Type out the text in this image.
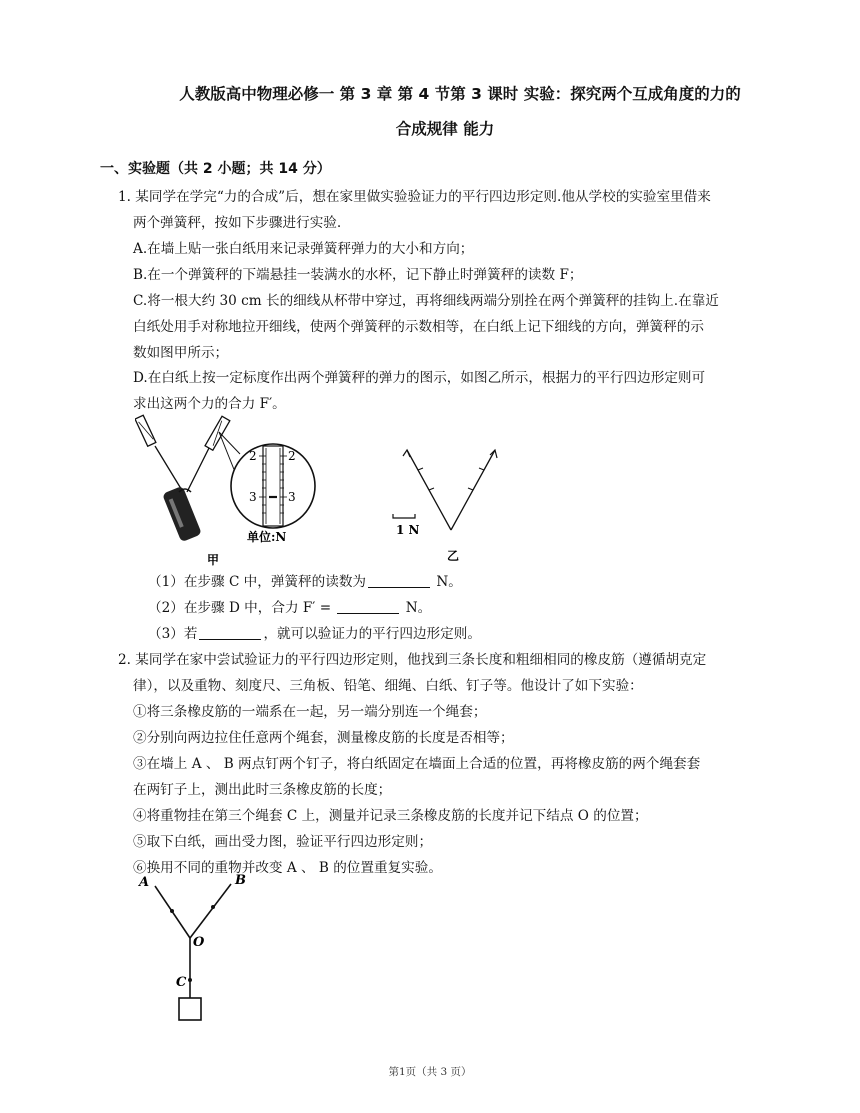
人教版高中物理必修一 第 3 章 第 4 节第 3 课时 实验：探究两个互成角度的力的
合成规律 能力
一、实验题（共 2 小题；共 14 分）
1. 某同学在学完“力的合成”后，想在家里做实验验证力的平行四边形定则.他从学校的实验室里借来
两个弹簧秤，按如下步骤进行实验.
A.在墙上贴一张白纸用来记录弹簧秤弹力的大小和方向；
B.在一个弹簧秤的下端悬挂一装满水的水杯，记下静止时弹簧秤的读数 F；
C.将一根大约 30 cm 长的细线从杯带中穿过，再将细线两端分别拴在两个弹簧秤的挂钩上.在靠近
白纸处用手对称地拉开细线，使两个弹簧秤的示数相等，在白纸上记下细线的方向，弹簧秤的示
数如图甲所示；
D.在白纸上按一定标度作出两个弹簧秤的弹力的图示，如图乙所示，根据力的平行四边形定则可
求出这两个力的合力 F′。
2	2
3	3
单位:N
甲
1 N
乙
（1）在步骤 C 中，弹簧秤的读数为	N。
（2）在步骤 D 中，合力 F′ =	N。
（3）若	，就可以验证力的平行四边形定则。
2. 某同学在家中尝试验证力的平行四边形定则，他找到三条长度和粗细相同的橡皮筋（遵循胡克定
律），以及重物、刻度尺、三角板、铅笔、细绳、白纸、钉子等。他设计了如下实验：
①将三条橡皮筋的一端系在一起，另一端分别连一个绳套；
②分别向两边拉住任意两个绳套，测量橡皮筋的长度是否相等；
③在墙上 A 、 B 两点钉两个钉子，将白纸固定在墙面上合适的位置，再将橡皮筋的两个绳套套
在两钉子上，测出此时三条橡皮筋的长度；
④将重物挂在第三个绳套 C 上，测量并记录三条橡皮筋的长度并记下结点 O 的位置；
⑤取下白纸，画出受力图，验证平行四边形定则；
⑥换用不同的重物并改变 A 、 B 的位置重复实验。
A	B
O
C
第1页（共 3 页）
